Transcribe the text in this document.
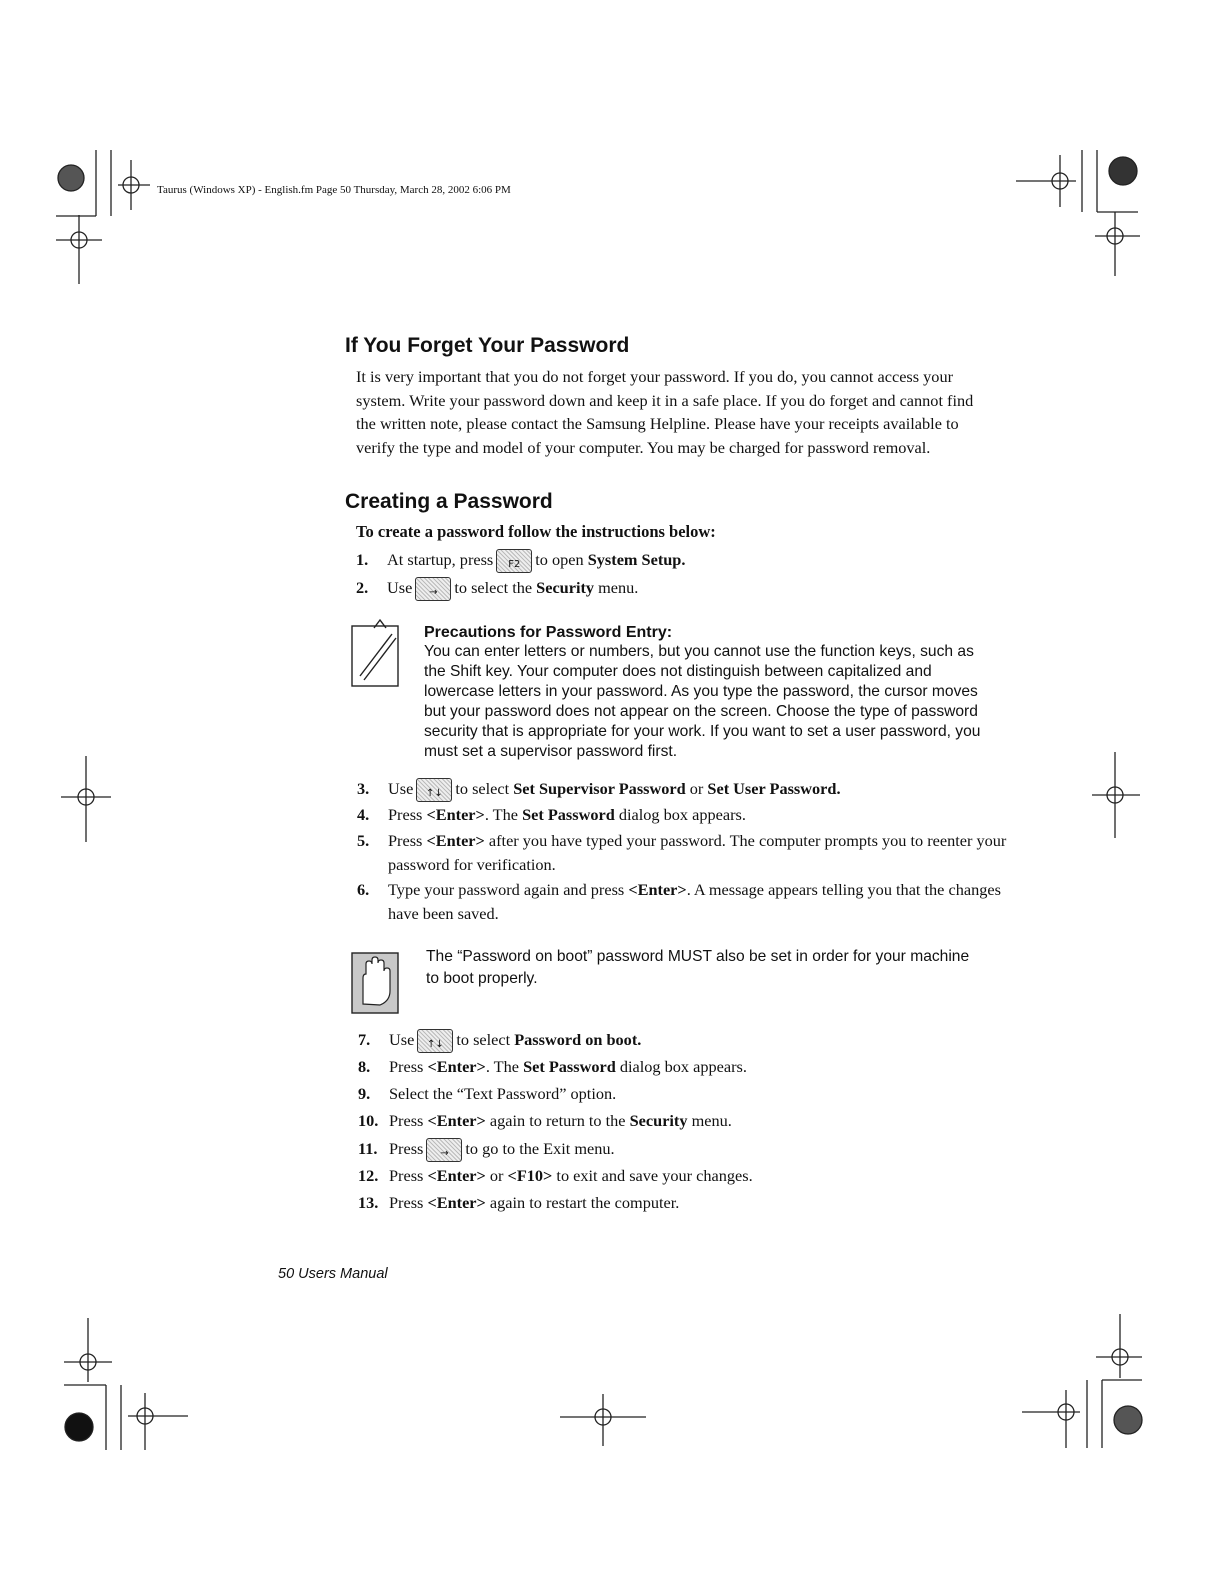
Taurus (Windows XP) - English.fm Page 50 Thursday, March 28, 2002 6:06 PM
If You Forget Your Password
It is very important that you do not forget your password. If you do, you cannot access your system. Write your password down and keep it in a safe place. If you do forget and cannot find the written note, please contact the Samsung Helpline. Please have your receipts available to verify the type and model of your computer. You may be charged for password removal.
Creating a Password
To create a password follow the instructions below:
1. At startup, press	F2 to open System Setup.
2. Use	→	to select the Security menu.
Precautions for Password Entry:
You can enter letters or numbers, but you cannot use the function keys, such as the Shift key. Your computer does not distinguish between capitalized and lowercase letters in your password. As you type the password, the cursor moves but your password does not appear on the screen. Choose the type of password security that is appropriate for your work. If you want to set a user password, you must set a supervisor password first.
3. Use	↑↓ to select Set Supervisor Password or Set User Password.
4. Press <Enter>. The Set Password dialog box appears.
5. Press <Enter> after you have typed your password. The computer prompts you to reenter your password for verification.
6. Type your password again and press <Enter>. A message appears telling you that the changes have been saved.
The “Password on boot” password MUST also be set in order for your machine to boot properly.
7. Use	↑↓ to select Password on boot.
8. Press <Enter>. The Set Password dialog box appears.
9. Select the “Text Password” option.
10. Press <Enter> again to return to the Security menu.
11. Press	→	to go to the Exit menu.
12. Press <Enter> or <F10> to exit and save your changes.
13. Press <Enter> again to restart the computer.
50 Users Manual
